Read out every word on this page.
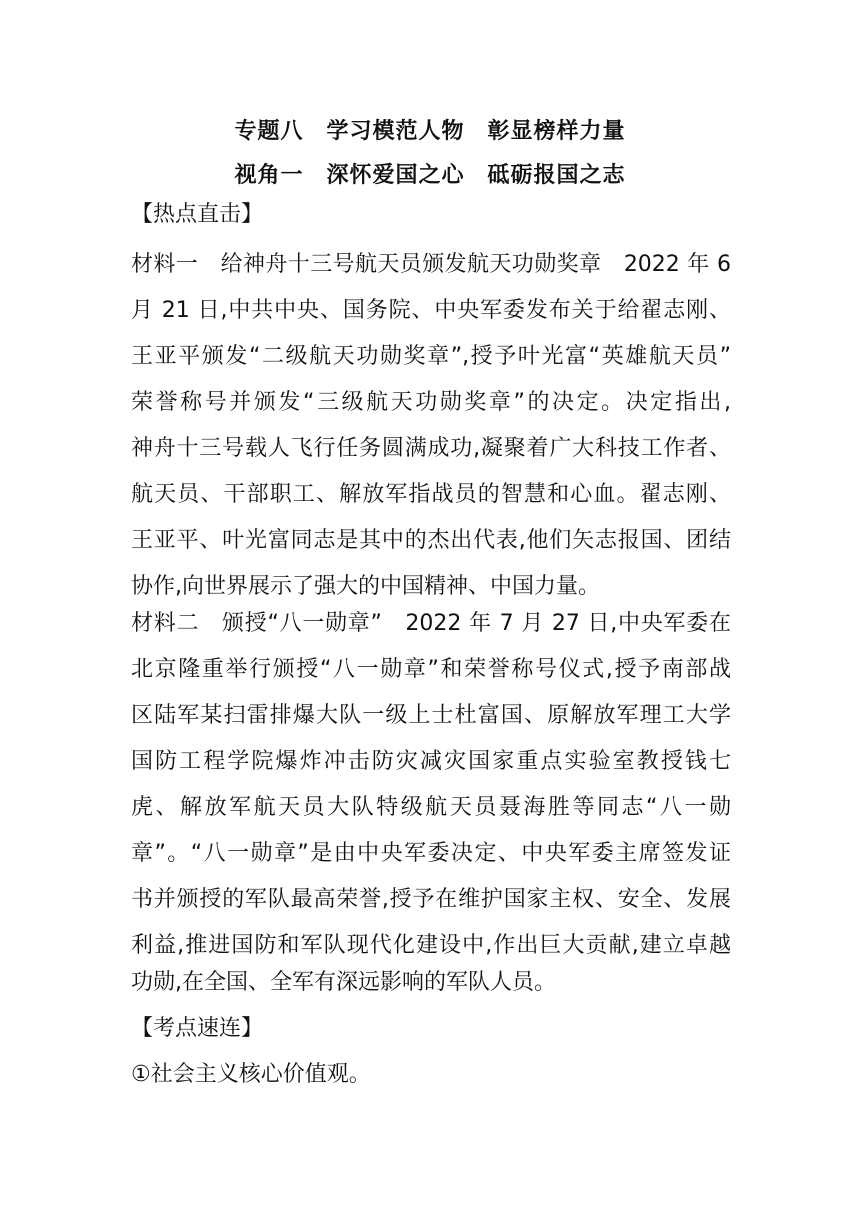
专题八　学习模范人物　彰显榜样力量
视角一　深怀爱国之心　砥砺报国之志
【热点直击】
材料一　给神舟十三号航天员颁发航天功勋奖章　2022 年 6
月 21 日,中共中央、国务院、中央军委发布关于给翟志刚、
王亚平颁发“二级航天功勋奖章”,授予叶光富“英雄航天员”
荣誉称号并颁发“三级航天功勋奖章”的决定。决定指出,
神舟十三号载人飞行任务圆满成功,凝聚着广大科技工作者、
航天员、干部职工、解放军指战员的智慧和心血。翟志刚、
王亚平、叶光富同志是其中的杰出代表,他们矢志报国、团结
协作,向世界展示了强大的中国精神、中国力量。
材料二　颁授“八一勋章”　2022 年 7 月 27 日,中央军委在
北京隆重举行颁授“八一勋章”和荣誉称号仪式,授予南部战
区陆军某扫雷排爆大队一级上士杜富国、原解放军理工大学
国防工程学院爆炸冲击防灾减灾国家重点实验室教授钱七
虎、解放军航天员大队特级航天员聂海胜等同志“八一勋
章”。“八一勋章”是由中央军委决定、中央军委主席签发证
书并颁授的军队最高荣誉,授予在维护国家主权、安全、发展
利益,推进国防和军队现代化建设中,作出巨大贡献,建立卓越
功勋,在全国、全军有深远影响的军队人员。
【考点速连】
①社会主义核心价值观。
